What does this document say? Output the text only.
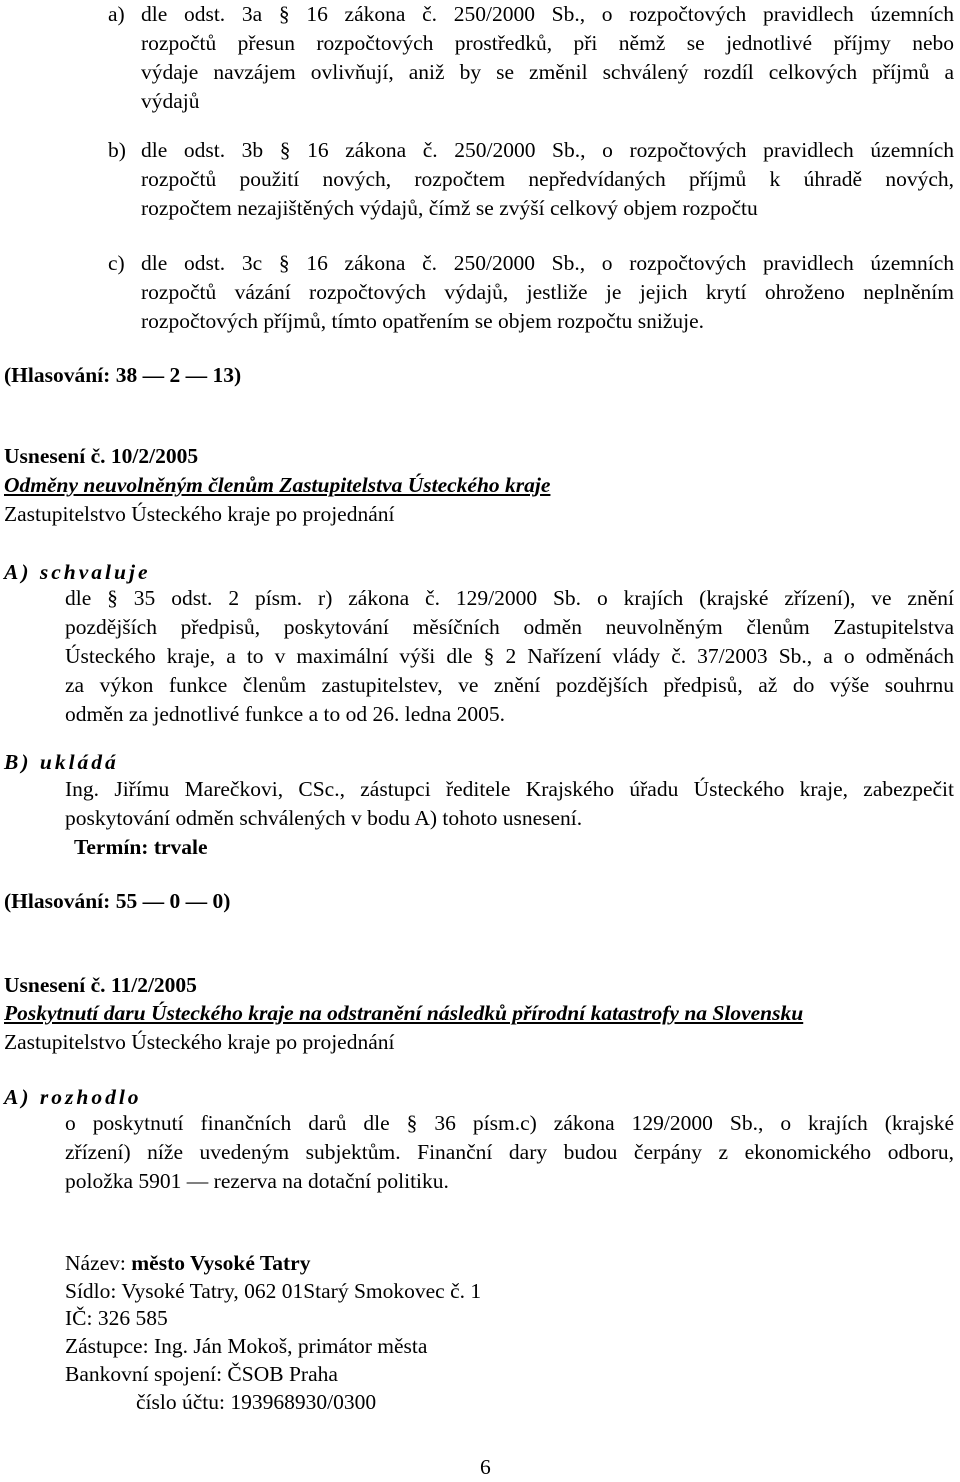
a) dle odst. 3a § 16 zákona č. 250/2000 Sb., o rozpočtových pravidlech územních
rozpočtů přesun rozpočtových prostředků, při němž se jednotlivé příjmy nebo
výdaje navzájem ovlivňují, aniž by se změnil schválený rozdíl celkových příjmů a
výdajů
b) dle odst. 3b § 16 zákona č. 250/2000 Sb., o rozpočtových pravidlech územních
rozpočtů použití nových, rozpočtem nepředvídaných příjmů k úhradě nových,
rozpočtem nezajištěných výdajů, čímž se zvýší celkový objem rozpočtu
c) dle odst. 3c § 16 zákona č. 250/2000 Sb., o rozpočtových pravidlech územních
rozpočtů vázání rozpočtových výdajů, jestliže je jejich krytí ohroženo neplněním
rozpočtových příjmů, tímto opatřením se objem rozpočtu snižuje.
(Hlasování: 38 — 2 — 13)
Usnesení č. 10/2/2005
Odměny neuvolněným členům Zastupitelstva Ústeckého kraje
Zastupitelstvo Ústeckého kraje po projednání
A) schvaluje
dle § 35 odst. 2 písm. r) zákona č. 129/2000 Sb. o krajích (krajské zřízení), ve znění
pozdějších předpisů, poskytování měsíčních odměn neuvolněným členům Zastupitelstva
Ústeckého kraje, a to v maximální výši dle § 2 Nařízení vlády č. 37/2003 Sb., a o odměnách
za výkon funkce členům zastupitelstev, ve znění pozdějších předpisů, až do výše souhrnu
odměn za jednotlivé funkce a to od 26. ledna 2005.
B) ukládá
Ing. Jiřímu Marečkovi, CSc., zástupci ředitele Krajského úřadu Ústeckého kraje, zabezpečit
poskytování odměn schválených v bodu A) tohoto usnesení.
Termín: trvale
(Hlasování: 55 — 0 — 0)
Usnesení č. 11/2/2005
Poskytnutí daru Ústeckého kraje na odstranění následků přírodní katastrofy na Slovensku
Zastupitelstvo Ústeckého kraje po projednání
A) rozhodlo
o poskytnutí finančních darů dle § 36 písm.c) zákona 129/2000 Sb., o krajích (krajské
zřízení) níže uvedeným subjektům. Finanční dary budou čerpány z ekonomického odboru,
položka 5901 — rezerva na dotační politiku.
Název: město Vysoké Tatry
Sídlo: Vysoké Tatry, 062 01Starý Smokovec č. 1
IČ: 326 585
Zástupce: Ing. Ján Mokoš, primátor města
Bankovní spojení: ČSOB Praha
číslo účtu: 193968930/0300
6
